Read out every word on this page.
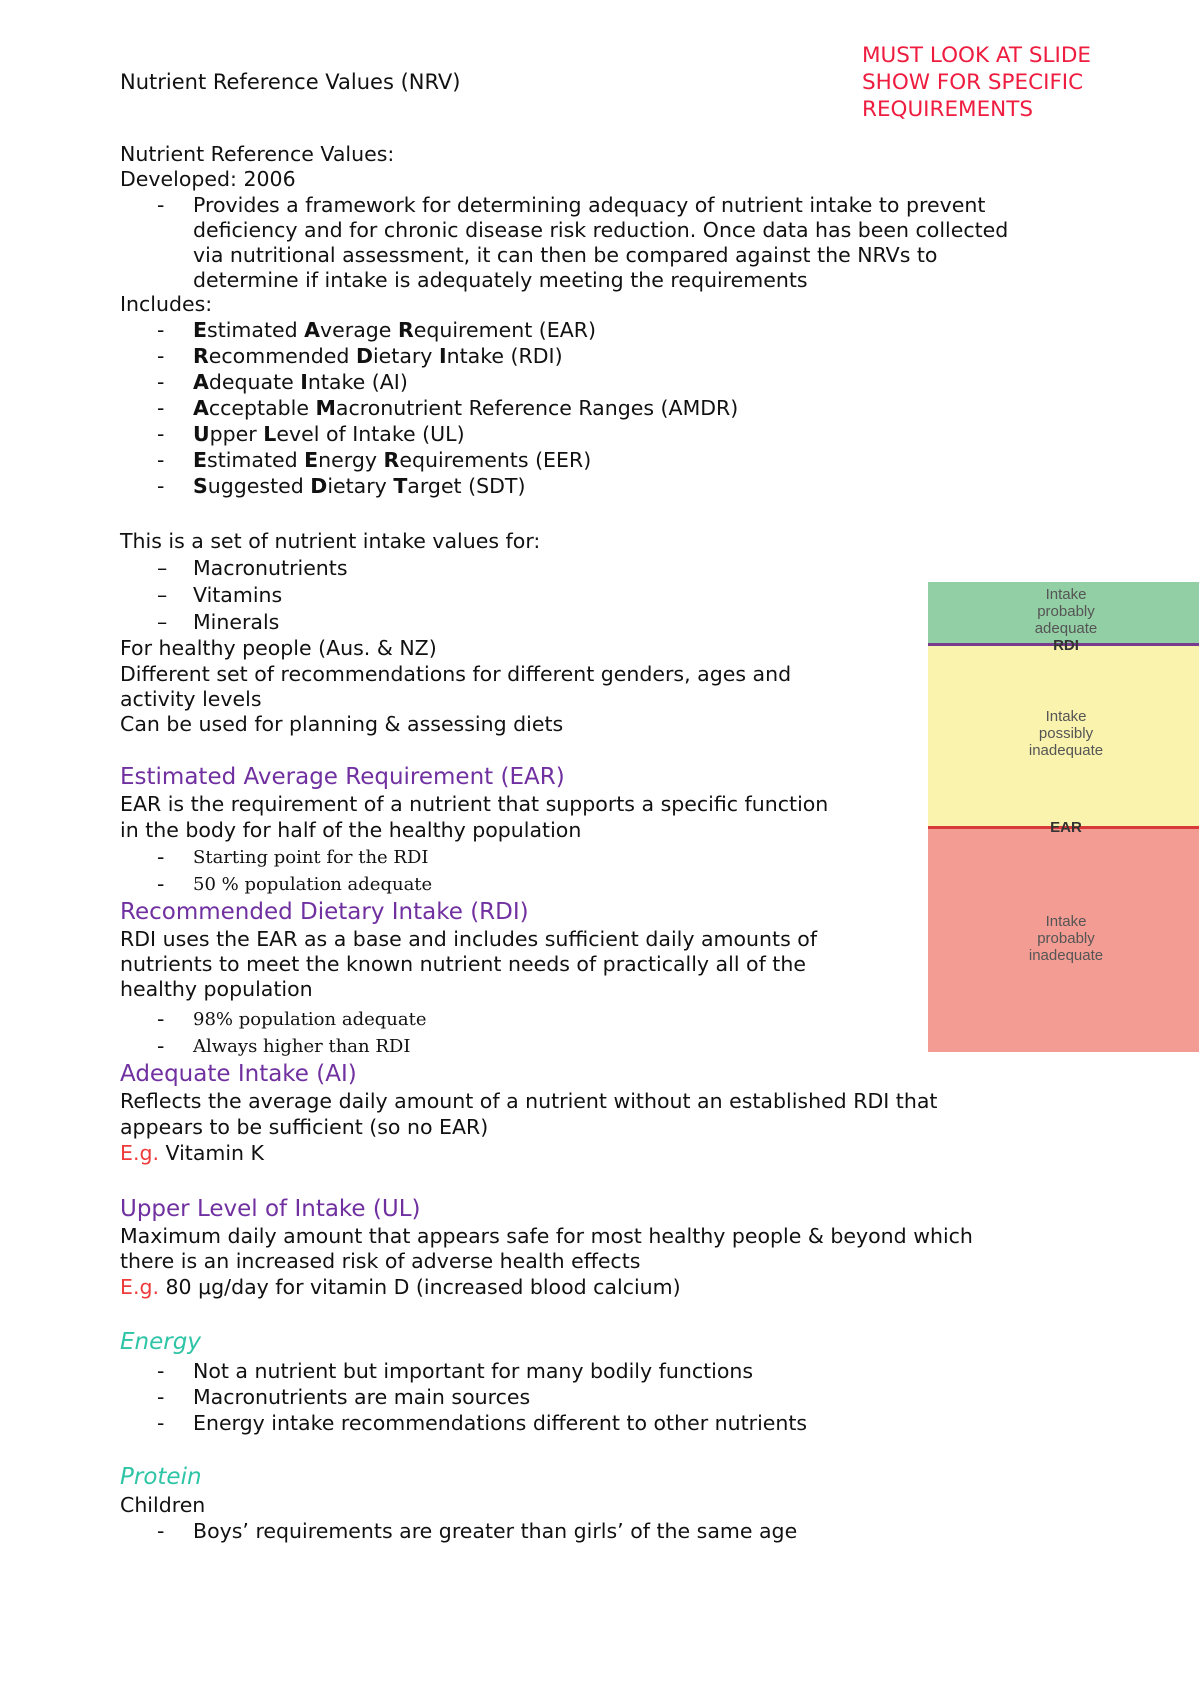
Nutrient Reference Values (NRV)
MUST LOOK AT SLIDE
SHOW FOR SPECIFIC
REQUIREMENTS
Nutrient Reference Values:
Developed: 2006
- Provides a framework for determining adequacy of nutrient intake to prevent
deficiency and for chronic disease risk reduction. Once data has been collected
via nutritional assessment, it can then be compared against the NRVs to
determine if intake is adequately meeting the requirements
Includes:
- Estimated Average Requirement (EAR)
- Recommended Dietary Intake (RDI)
- Adequate Intake (AI)
- Acceptable Macronutrient Reference Ranges (AMDR)
- Upper Level of Intake (UL)
- Estimated Energy Requirements (EER)
- Suggested Dietary Target (SDT)
This is a set of nutrient intake values for:
– Macronutrients
– Vitamins
– Minerals
For healthy people (Aus. & NZ)
Different set of recommendations for different genders, ages and
activity levels
Can be used for planning & assessing diets
Estimated Average Requirement (EAR)
EAR is the requirement of a nutrient that supports a specific function
in the body for half of the healthy population
- Starting point for the RDI
- 50 % population adequate
Recommended Dietary Intake (RDI)
RDI uses the EAR as a base and includes sufficient daily amounts of
nutrients to meet the known nutrient needs of practically all of the
healthy population
- 98% population adequate
- Always higher than RDI
Adequate Intake (AI)
Reflects the average daily amount of a nutrient without an established RDI that
appears to be sufficient (so no EAR)
E.g. Vitamin K
Upper Level of Intake (UL)
Maximum daily amount that appears safe for most healthy people & beyond which
there is an increased risk of adverse health effects
E.g. 80 μg/day for vitamin D (increased blood calcium)
Energy
- Not a nutrient but important for many bodily functions
- Macronutrients are main sources
- Energy intake recommendations different to other nutrients
Protein
Children
- Boys’ requirements are greater than girls’ of the same age
Intake
probably
adequate
RDI
Intake
possibly
inadequate
EAR
Intake
probably
inadequate
